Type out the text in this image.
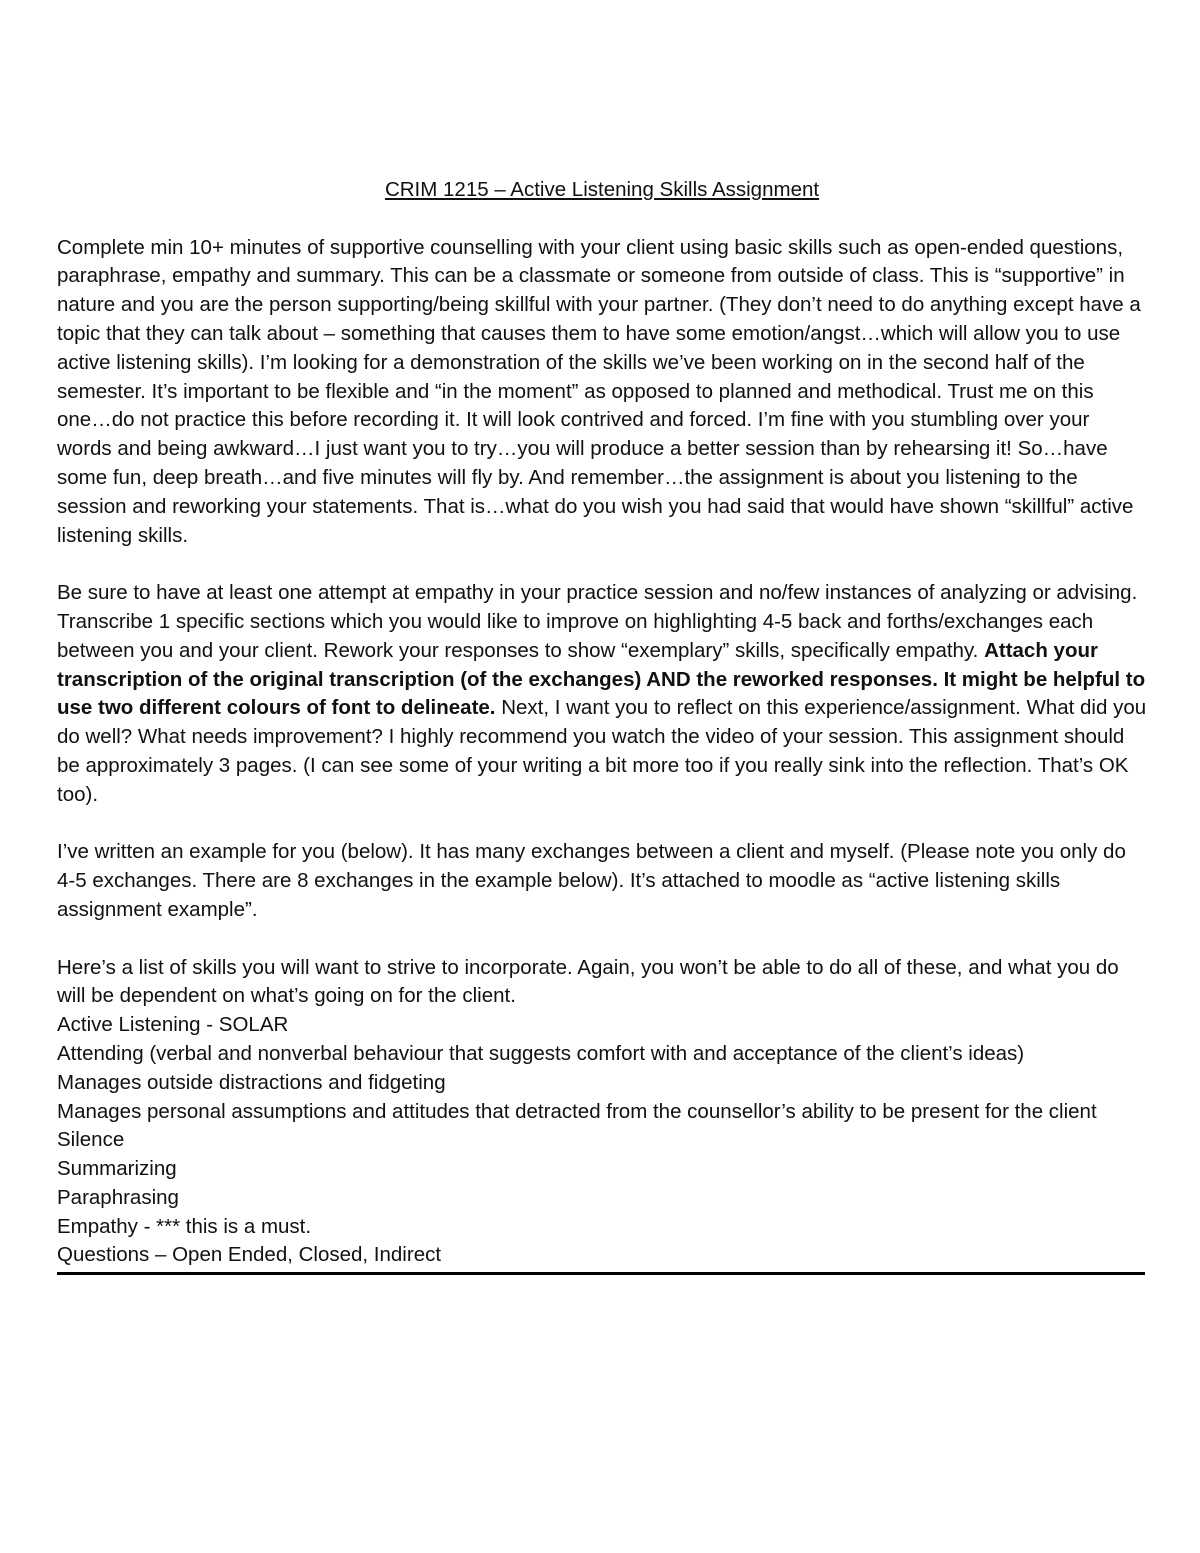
CRIM 1215 – Active Listening Skills Assignment

Complete min 10+ minutes of supportive counselling with your client using basic skills such as open-ended questions, paraphrase, empathy and summary. This can be a classmate or someone from outside of class. This is “supportive” in nature and you are the person supporting/being skillful with your partner. (They don’t need to do anything except have a topic that they can talk about – something that causes them to have some emotion/angst…which will allow you to use active listening skills). I’m looking for a demonstration of the skills we’ve been working on in the second half of the semester. It’s important to be flexible and “in the moment” as opposed to planned and methodical. Trust me on this one…do not practice this before recording it. It will look contrived and forced. I’m fine with you stumbling over your words and being awkward…I just want you to try…you will produce a better session than by rehearsing it! So…have some fun, deep breath…and five minutes will fly by. And remember…the assignment is about you listening to the session and reworking your statements. That is…what do you wish you had said that would have shown “skillful” active listening skills.

Be sure to have at least one attempt at empathy in your practice session and no/few instances of analyzing or advising. Transcribe 1 specific sections which you would like to improve on highlighting 4-5 back and forths/exchanges each between you and your client. Rework your responses to show “exemplary” skills, specifically empathy. Attach your transcription of the original transcription (of the exchanges) AND the reworked responses. It might be helpful to use two different colours of font to delineate. Next, I want you to reflect on this experience/assignment. What did you do well? What needs improvement? I highly recommend you watch the video of your session. This assignment should be approximately 3 pages. (I can see some of your writing a bit more too if you really sink into the reflection. That’s OK too).

I’ve written an example for you (below). It has many exchanges between a client and myself. (Please note you only do 4-5 exchanges. There are 8 exchanges in the example below). It’s attached to moodle as “active listening skills assignment example”.

Here’s a list of skills you will want to strive to incorporate. Again, you won’t be able to do all of these, and what you do will be dependent on what’s going on for the client.

Active Listening - SOLAR
Attending (verbal and nonverbal behaviour that suggests comfort with and acceptance of the client’s ideas)
Manages outside distractions and fidgeting
Manages personal assumptions and attitudes that detracted from the counsellor’s ability to be present for the client
Silence
Summarizing
Paraphrasing
Empathy - *** this is a must.
Questions – Open Ended, Closed, Indirect
